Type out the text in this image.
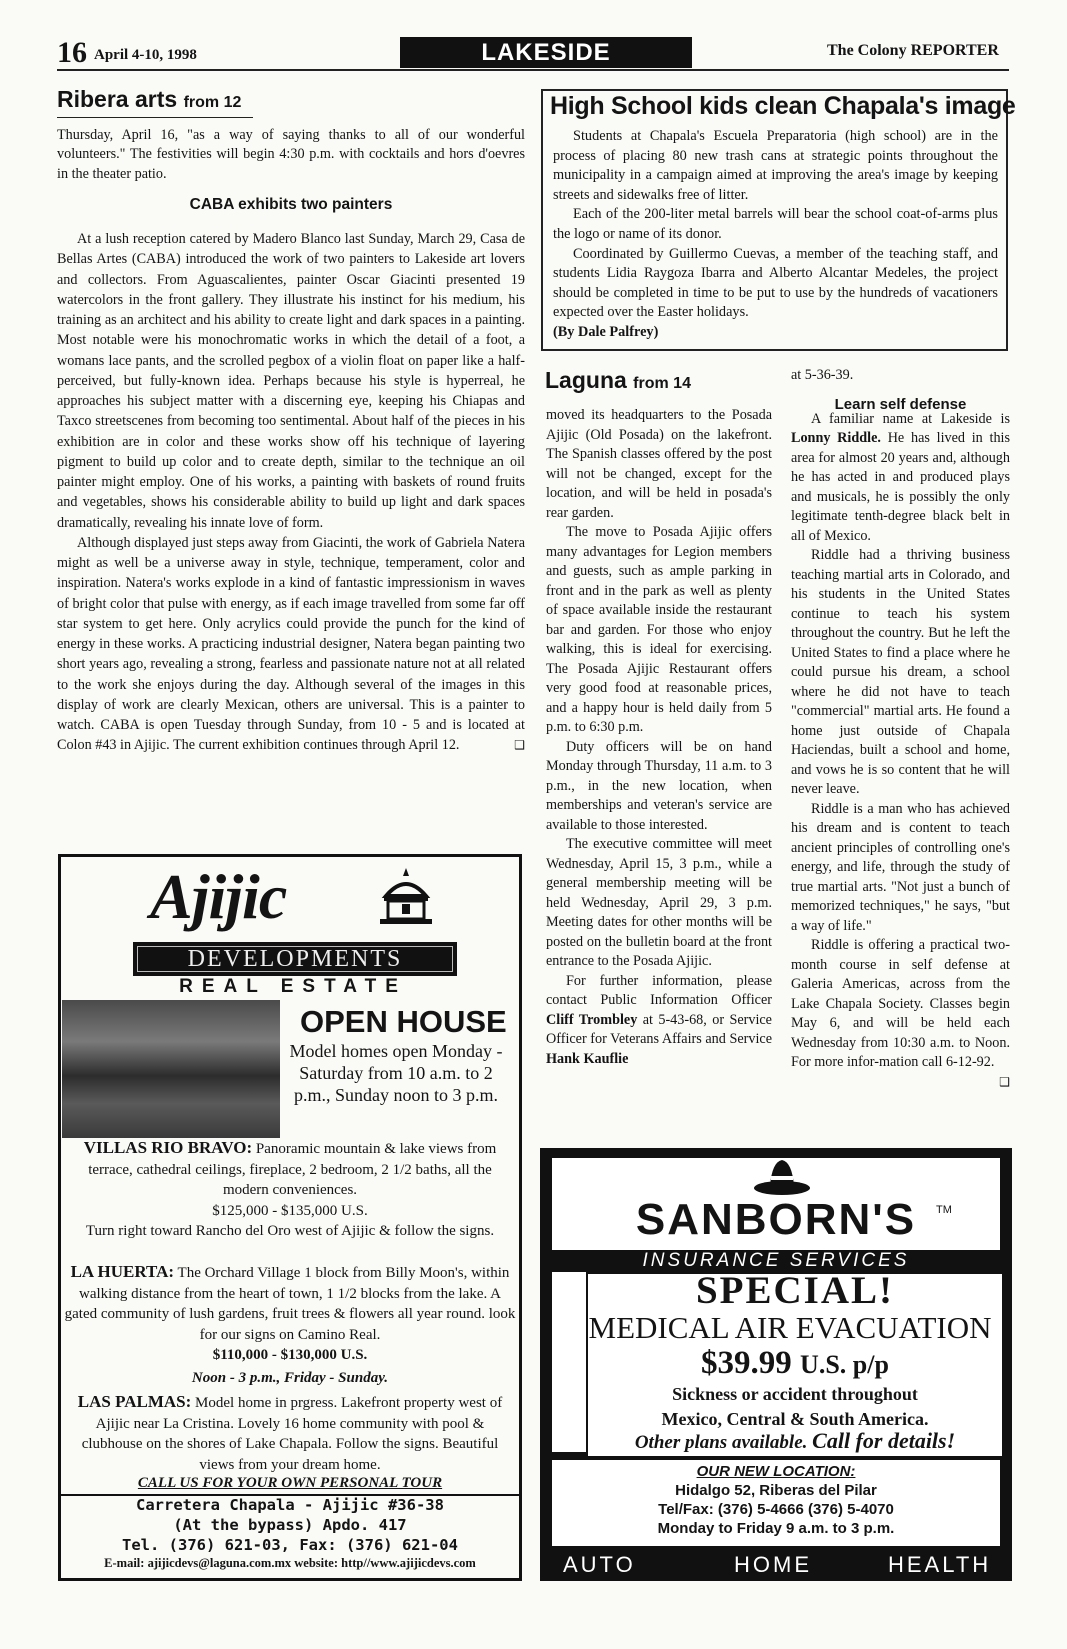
16 April 4-10, 1998	LAKESIDE	The Colony REPORTER
Ribera arts from 12

Thursday, April 16, "as a way of saying thanks to all of our wonderful volunteers." The festivities will begin 4:30 p.m. with cocktails and hors d'oevres in the theater patio.

CABA exhibits two painters

At a lush reception catered by Madero Blanco last Sunday, March 29, Casa de Bellas Artes (CABA) introduced the work of two painters to Lakeside art lovers and collectors. From Aguascalientes, painter Oscar Giacinti presented 19 watercolors in the front gallery. They illustrate his instinct for his medium, his training as an architect and his ability to create light and dark spaces in a painting. Most notable were his monochromatic works in which the detail of a foot, a womans lace pants, and the scrolled pegbox of a violin float on paper like a half-perceived, but fully-known idea. Perhaps because his style is hyperreal, he approaches his subject matter with a discerning eye, keeping his Chiapas and Taxco streetscenes from becoming too sentimental. About half of the pieces in his exhibition are in color and these works show off his technique of layering pigment to build up color and to create depth, similar to the technique an oil painter might employ. One of his works, a painting with baskets of round fruits and vegetables, shows his considerable ability to build up light and dark spaces dramatically, revealing his innate love of form.

Although displayed just steps away from Giacinti, the work of Gabriela Natera might as well be a universe away in style, technique, temperament, color and inspiration. Natera's works explode in a kind of fantastic impressionism in waves of bright color that pulse with energy, as if each image travelled from some far off star system to get here. Only acrylics could provide the punch for the kind of energy in these works. A practicing industrial designer, Natera began painting two short years ago, revealing a strong, fearless and passionate nature not at all related to the work she enjoys during the day. Although several of the images in this display of work are clearly Mexican, others are universal. This is a painter to watch. CABA is open Tuesday through Sunday, from 10 - 5 and is located at Colon #43 in Ajijic. The current exhibition continues through April 12.	❑

Ajijic
DEVELOPMENTS
REAL ESTATE
OPEN HOUSE
Model homes open Monday - Saturday from 10 a.m. to 2 p.m., Sunday noon to 3 p.m.
VILLAS RIO BRAVO: Panoramic mountain & lake views from terrace, cathedral ceilings, fireplace, 2 bedroom, 2 1/2 baths, all the modern conveniences.
$125,000 - $135,000 U.S.
Turn right toward Rancho del Oro west of Ajijic & follow the signs.
LA HUERTA: The Orchard Village 1 block from Billy Moon's, within walking distance from the heart of town, 1 1/2 blocks from the lake. A gated community of lush gardens, fruit trees & flowers all year round. look for our signs on Camino Real.
$110,000 - $130,000 U.S.
Noon - 3 p.m., Friday - Sunday.
LAS PALMAS: Model home in prgress. Lakefront property west of Ajijic near La Cristina. Lovely 16 home community with pool & clubhouse on the shores of Lake Chapala. Follow the signs. Beautiful views from your dream home.
CALL US FOR YOUR OWN PERSONAL TOUR
Carretera Chapala - Ajijic #36-38
(At the bypass) Apdo. 417
Tel. (376) 621-03, Fax: (376) 621-04
E-mail: ajijicdevs@laguna.com.mx website: http//www.ajijicdevs.com
High School kids clean Chapala's image

Students at Chapala's Escuela Preparatoria (high school) are in the process of placing 80 new trash cans at strategic points throughout the municipality in a campaign aimed at improving the area's image by keeping streets and sidewalks free of litter.

Each of the 200-liter metal barrels will bear the school coat-of-arms plus the logo or name of its donor.

Coordinated by Guillermo Cuevas, a member of the teaching staff, and students Lidia Raygoza Ibarra and Alberto Alcantar Medeles, the project should be completed in time to be put to use by the hundreds of vacationers expected over the Easter holidays.

(By Dale Palfrey)

Laguna from 14

moved its headquarters to the Posada Ajijic (Old Posada) on the lakefront. The Spanish classes offered by the post will not be changed, except for the location, and will be held in posada's rear garden.

The move to Posada Ajijic offers many advantages for Legion members and guests, such as ample parking in front and in the park as well as plenty of space available inside the restaurant bar and garden. For those who enjoy walking, this is ideal for exercising. The Posada Ajijic Restaurant offers very good food at reasonable prices, and a happy hour is held daily from 5 p.m. to 6:30 p.m.

Duty officers will be on hand Monday through Thursday, 11 a.m. to 3 p.m., in the new location, when memberships and veteran's service are available to those interested.

The executive committee will meet Wednesday, April 15, 3 p.m., while a general membership meeting will be held Wednesday, April 29, 3 p.m. Meeting dates for other months will be posted on the bulletin board at the front entrance to the Posada Ajijic.

For further information, please contact Public Information Officer Cliff Trombley at 5-43-68, or Service Officer for Veterans Affairs and Service Hank Kauflie

at 5-36-39.

A familiar name at Lakeside is Lonny Riddle. He has lived in this area for almost 20 years and, although he has acted in and produced plays and musicals, he is possibly the only legitimate tenth-degree black belt in all of Mexico.

Riddle had a thriving business teaching martial arts in Colorado, and his students in the United States continue to teach his system throughout the country. But he left the United States to find a place where he could pursue his dream, a school where he did not have to teach "commercial" martial arts. He found a home just outside of Chapala Haciendas, built a school and home, and vows he is so content that he will never leave.

Riddle is a man who has achieved his dream and is content to teach ancient principles of controlling one's energy, and life, through the study of true martial arts. "Not just a bunch of memorized techniques," he says, "but a way of life."

Riddle is offering a practical two-month course in self defense at Galeria Americas, across from the Lake Chapala Society. Classes begin May 6, and will be held each Wednesday from 10:30 a.m. to Noon. For more infor-mation call 6-12-92.
❑

Learn self defense
SANBORN'S	TM
INSURANCE SERVICES
SPECIAL!
MEDICAL AIR EVACUATION
$39.99 U.S. p/p
Sickness or accident throughout
Mexico, Central & South America.
Other plans available. Call for details!
OUR NEW LOCATION:
Hidalgo 52, Riberas del Pilar
Tel/Fax: (376) 5-4666 (376) 5-4070
Monday to Friday 9 a.m. to 3 p.m.
AUTO	HOME	HEALTH
